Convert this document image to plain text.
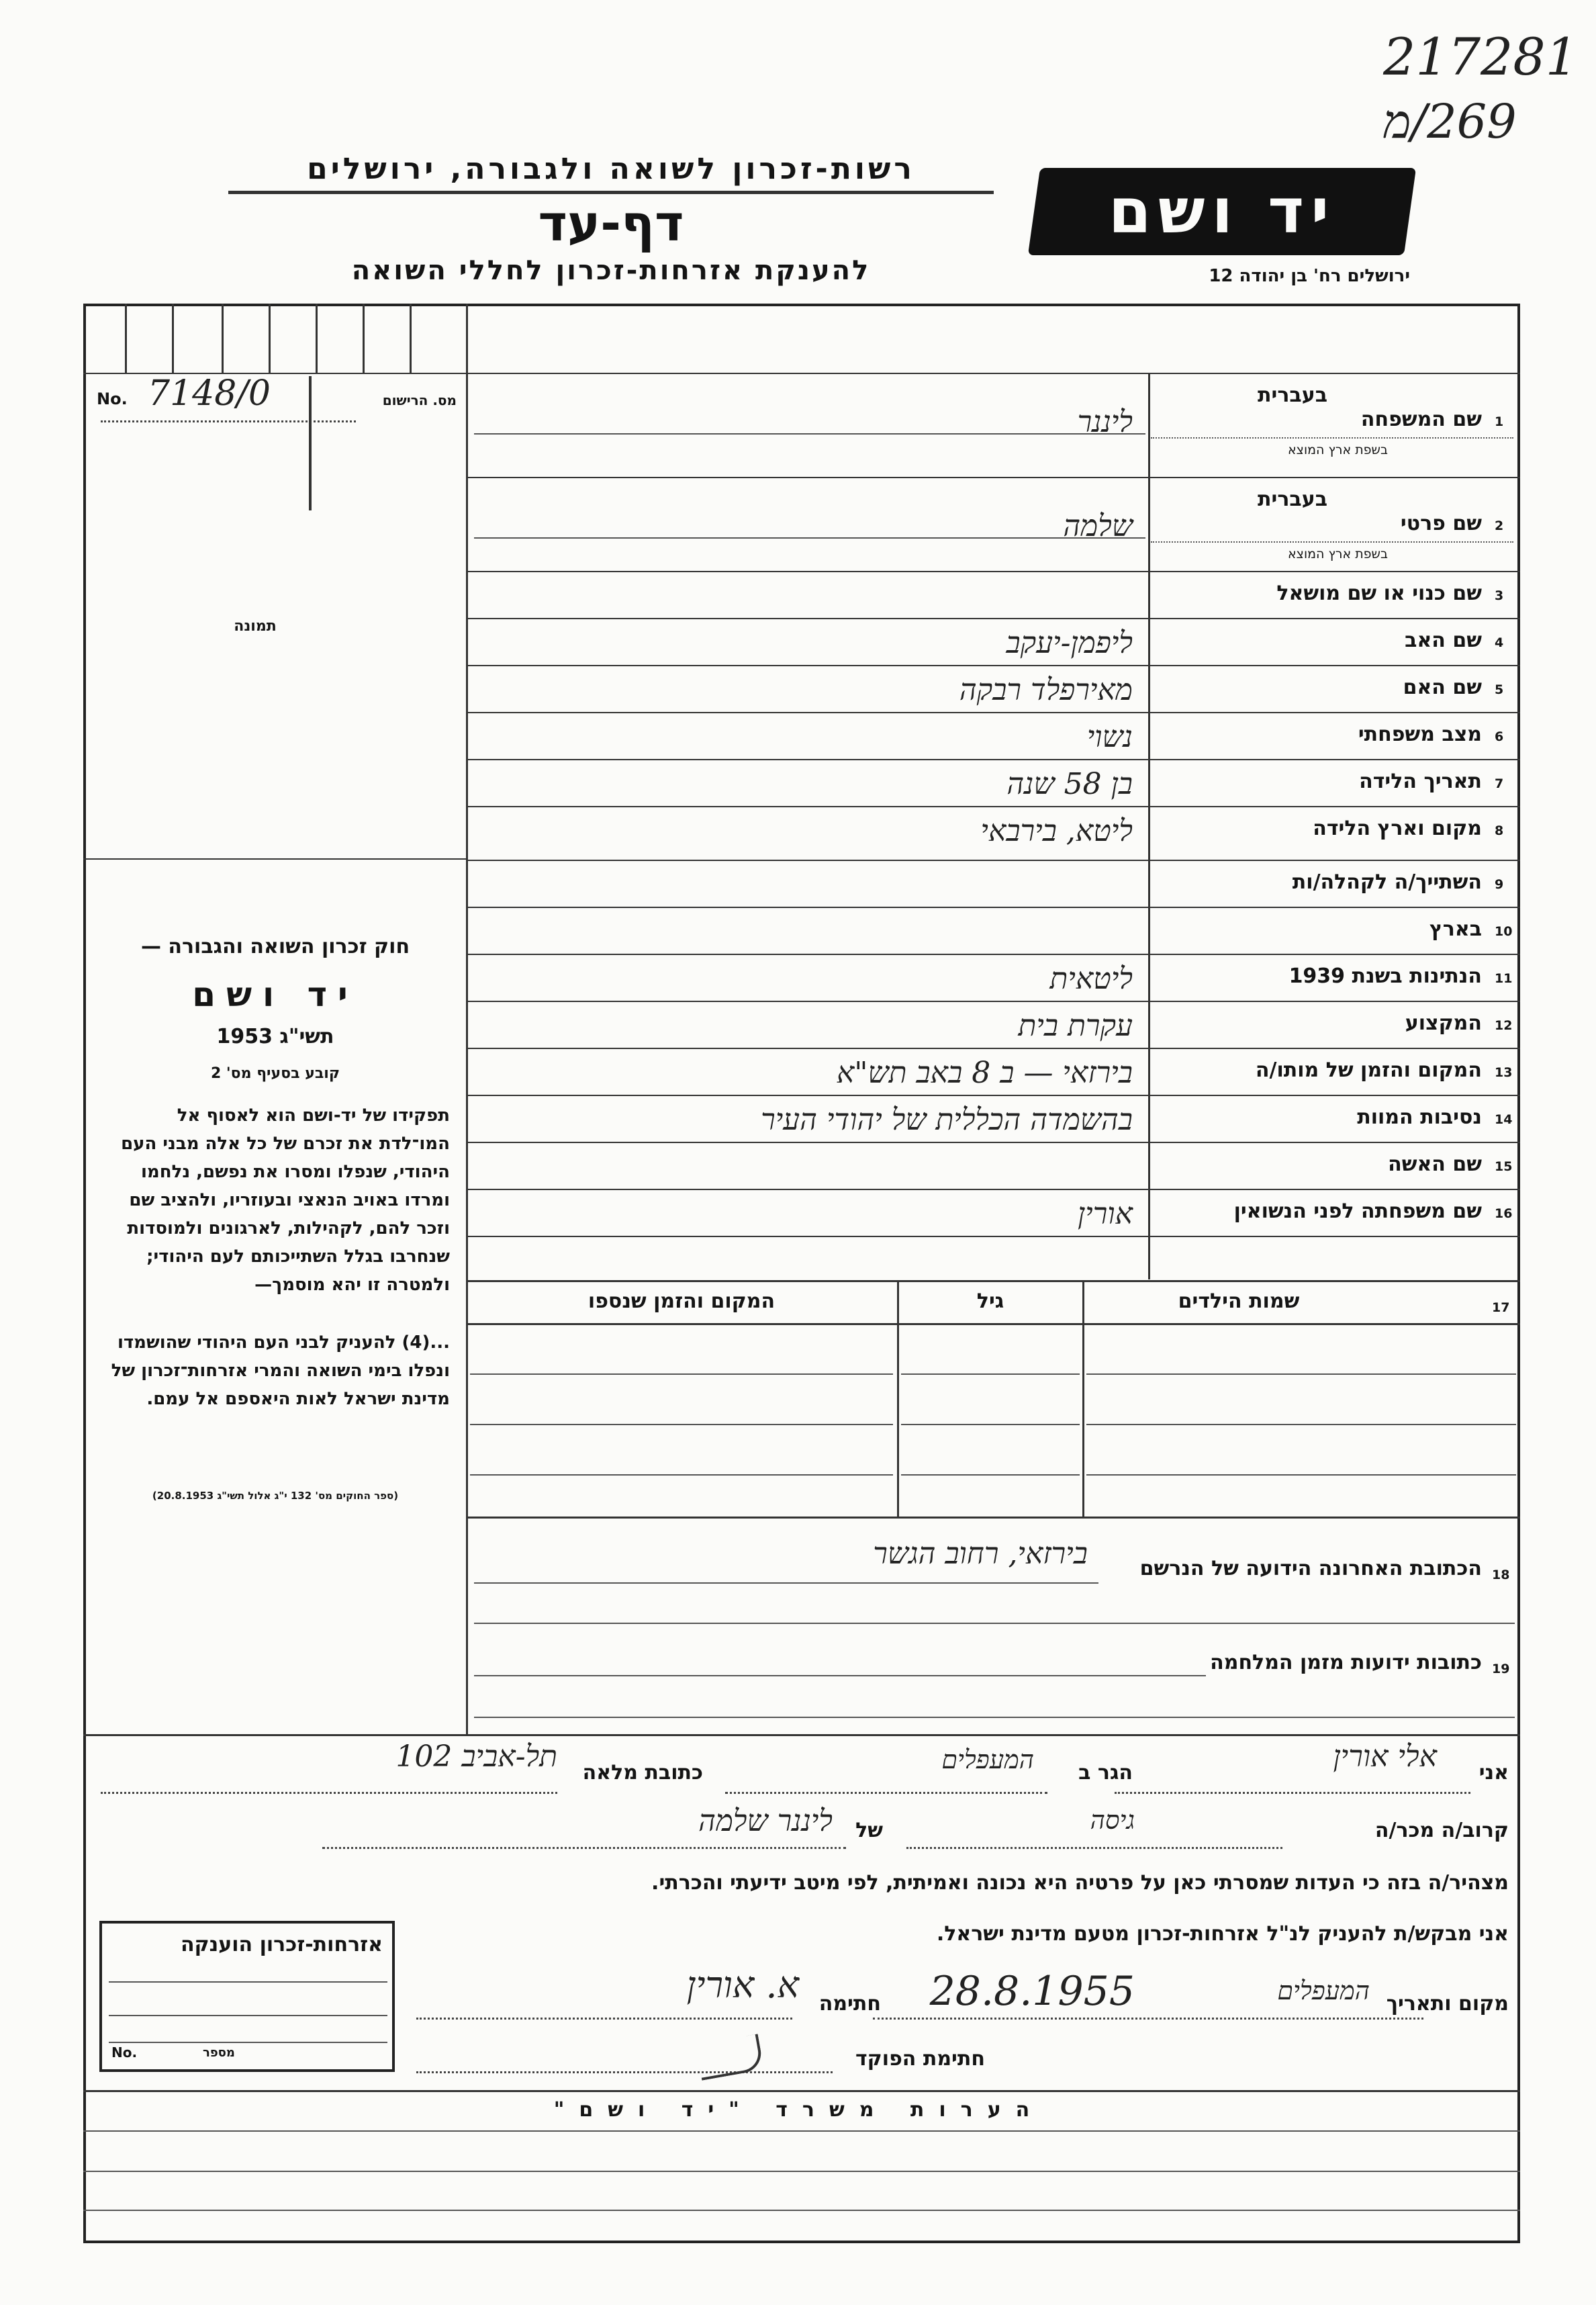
217281
269/מ
רשות-זכרון לשואה ולגבורה, ירושלים
דף-עד
להענקת אזרחות-זכרון לחללי השואה
יד ושם
ירושלים רח' בן יהודה 12
No. 7148/0	מס. הרישום
תמונה
חוק זכרון השואה והגבורה —
יד ושם
תשי"ג 1953
קובע בסעיף מס' 2
תפקידו של יד-ושם הוא לאסוף אל המו־לדת את זכרם של כל אלה מבני העם היהודי, שנפלו ומסרו את נפשם, נלחמו ומרדו באויב הנאצי ובעוזריו, ולהציב שם וזכר להם, לקהילות, לארגונים ולמוסדות שנחרבו בגלל השתייכותם לעם היהודי; ולמטרה זו יהא מוסמך—
...(4) להעניק לבני העם היהודי שהושמדו ונפלו בימי השואה והמרי אזרחות־זכרון של מדינת ישראל לאות היאספם אל עמם.
(ספר החוקים מס' 132 י"ג אלול תשי"ג 20.8.1953)
בעברית
בשפת ארץ המוצא
1
שם המשפחה
ליננר
בעברית
בשפת ארץ המוצא
2
שם פרטי
שלמה
3
שם כנוי או שם מושאל
4
שם האב
ליפמן-יעקב
5
שם האם
מאירפלד רבקה
6
מצב משפחתי
נשוי
7
תאריך הלידה
בן 58 שנה
8
מקום וארץ הלידה
ליטא, בירבאי
9
השתייך/ה לקהלה/ות
10
בארץ
11
הנתינות בשנת 1939
ליטאית
12
המקצוע
עקרת בית
13
המקום והזמן של מותו/ה
בירזאי — ב 8 באב תש"א
14
נסיבות המוות
בהשמדה הכללית של יהודי העיר
15
שם האשה
16
שם משפחתה לפני הנשואין
אורין
17
שמות הילדים
גיל
המקום והזמן שנספו
18
הכתובת האחרונה הידועה של הנרשם
בירזאי, רחוב הגשר
19
כתובות ידועות מזמן המלחמה
אני
אלי אורין
הגר ב
המעפלים
כתובת מלאה
תל-אביב 102
קרוב/ה מכר/ה
גיסה
של
ליננר שלמה
מצהיר/ה בזה כי העדות שמסרתי כאן על פרטיה היא נכונה ואמיתית, לפי מיטב ידיעתי והכרתי.
אני מבקש/ת להעניק לנ"ל אזרחות-זכרון מטעם מדינת ישראל.
מקום ותאריך
המעפלים
28.8.1955
חתימה
א. אורין
חתימת הפוקד
אזרחות-זכרון הוענקה
No.	מספר
הערות משרד "יד ושם"
